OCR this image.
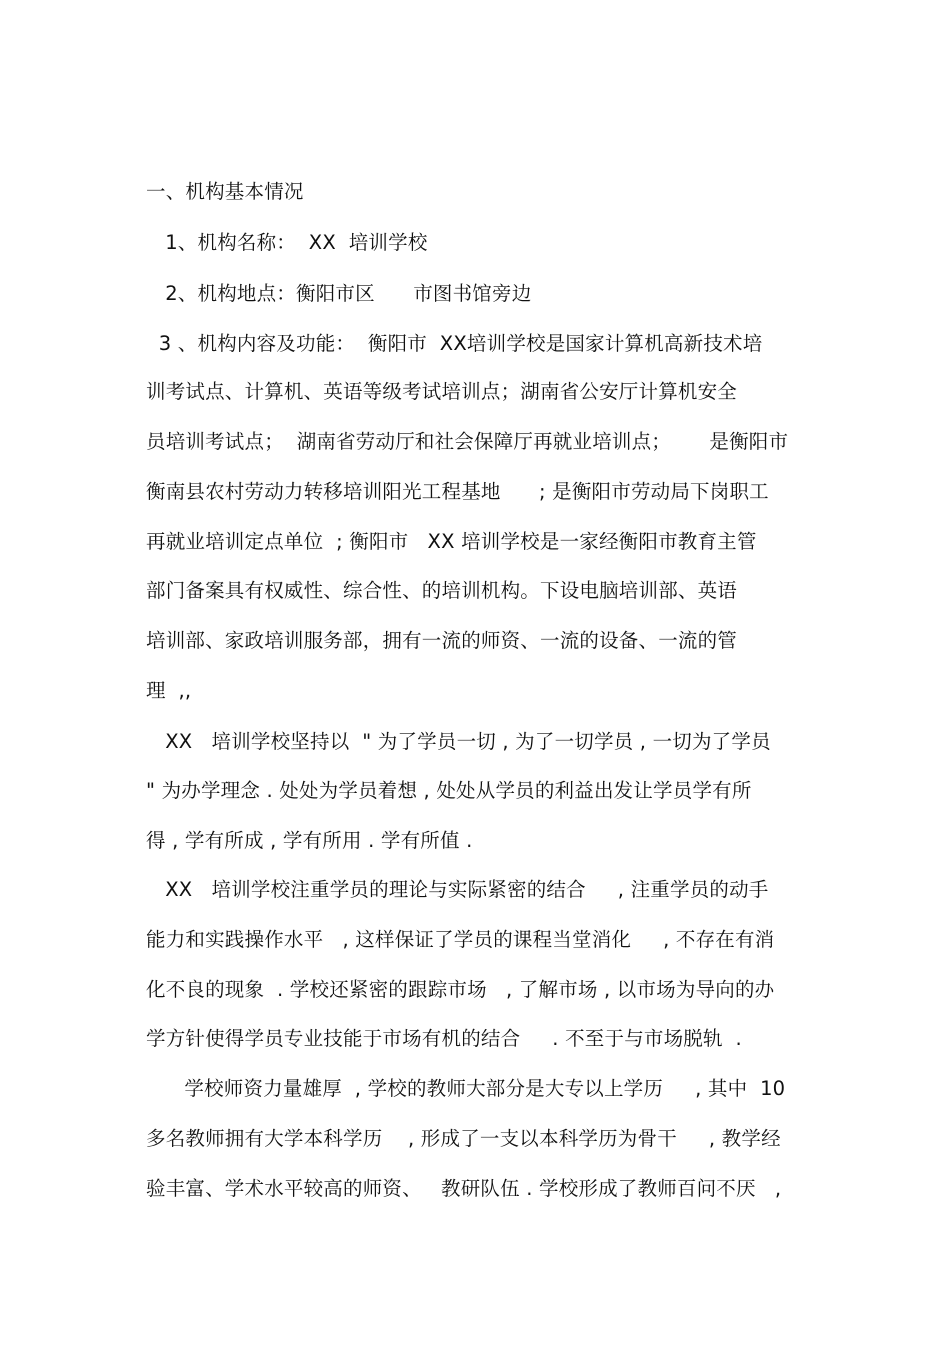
一、机构基本情况
1、机构名称：  XX  培训学校
2、机构地点：衡阳市区      市图书馆旁边
3 、机构内容及功能：  衡阳市  XX培训学校是国家计算机高新技术培
训考试点、计算机、英语等级考试培训点；湖南省公安厅计算机安全
员培训考试点；  湖南省劳动厅和社会保障厅再就业培训点；      是衡阳市
衡南县农村劳动力转移培训阳光工程基地      ; 是衡阳市劳动局下岗职工
再就业培训定点单位  ; 衡阳市   XX 培训学校是一家经衡阳市教育主管
部门备案具有权威性、综合性、的培训机构。下设电脑培训部、英语
培训部、家政培训服务部，拥有一流的师资、一流的设备、一流的管
理  ,,
XX   培训学校坚持以  " 为了学员一切 , 为了一切学员 , 一切为了学员
" 为办学理念 . 处处为学员着想 , 处处从学员的利益出发让学员学有所
得 , 学有所成 , 学有所用 . 学有所值 .
XX   培训学校注重学员的理论与实际紧密的结合     , 注重学员的动手
能力和实践操作水平   , 这样保证了学员的课程当堂消化     , 不存在有消
化不良的现象  . 学校还紧密的跟踪市场   , 了解市场 , 以市场为导向的办
学方针使得学员专业技能于市场有机的结合     . 不至于与市场脱轨  .
学校师资力量雄厚  , 学校的教师大部分是大专以上学历     , 其中  10
多名教师拥有大学本科学历    , 形成了一支以本科学历为骨干     , 教学经
验丰富、学术水平较高的师资、   教研队伍 . 学校形成了教师百问不厌   ,
